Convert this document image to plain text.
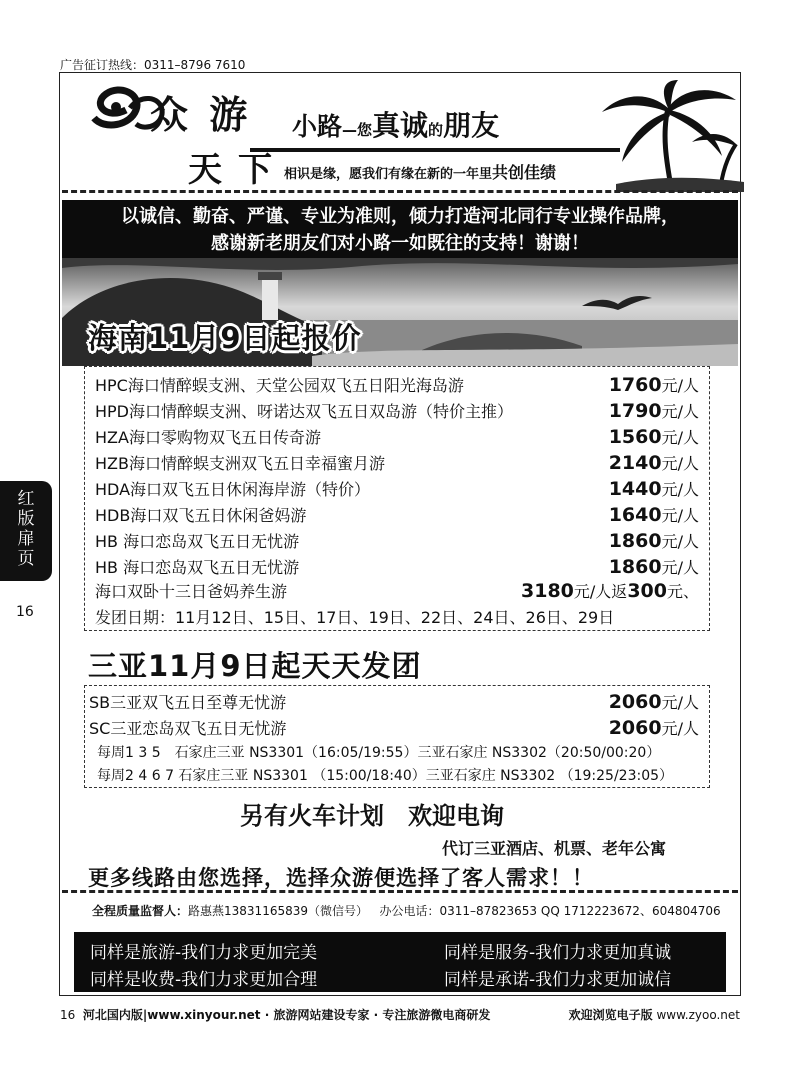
广告征订热线：0311–8796 7610
众 游 小路—您真诚的朋友
天下
相识是缘，愿我们有缘在新的一年里共创佳绩
以诚信、勤奋、严谨、专业为准则，倾力打造河北同行专业操作品牌，
感谢新老朋友们对小路一如既往的支持！谢谢！
海南11月9日起报价
HPC海口情醉蜈支洲、天堂公园双飞五日阳光海岛游	1760元/人
HPD海口情醉蜈支洲、呀诺达双飞五日双岛游（特价主推）	1790元/人
HZA海口零购物双飞五日传奇游	1560元/人
HZB海口情醉蜈支洲双飞五日幸福蜜月游	2140元/人
HDA海口双飞五日休闲海岸游（特价）	1440元/人
HDB海口双飞五日休闲爸妈游	1640元/人
HB 海口恋岛双飞五日无忧游	1860元/人
HB 海口恋岛双飞五日无忧游	1860元/人
海口双卧十三日爸妈养生游	3180元/人返300元、
发团日期：11月12日、15日、17日、19日、22日、24日、26日、29日
三亚11月9日起天天发团
SB三亚双飞五日至尊无忧游	2060元/人
SC三亚恋岛双飞五日无忧游	2060元/人
每周1 3 5　石家庄三亚 NS3301（16:05/19:55）三亚石家庄 NS3302（20:50/00:20）
每周2 4 6 7 石家庄三亚 NS3301 （15:00/18:40）三亚石家庄 NS3302 （19:25/23:05）
另有火车计划　欢迎电询
代订三亚酒店、机票、老年公寓
更多线路由您选择，选择众游便选择了客人需求！！
全程质量监督人：路惠燕13831165839（微信号） 办公电话：0311–87823653 QQ 1712223672、604804706
同样是旅游-我们力求更加完美	同样是服务-我们力求更加真诚
同样是收费-我们力求更加合理	同样是承诺-我们力求更加诚信
16 河北国内版|www.xinyour.net · 旅游网站建设专家 · 专注旅游微电商研发	欢迎浏览电子版 www.zyoo.net
红
版
扉
页
16
